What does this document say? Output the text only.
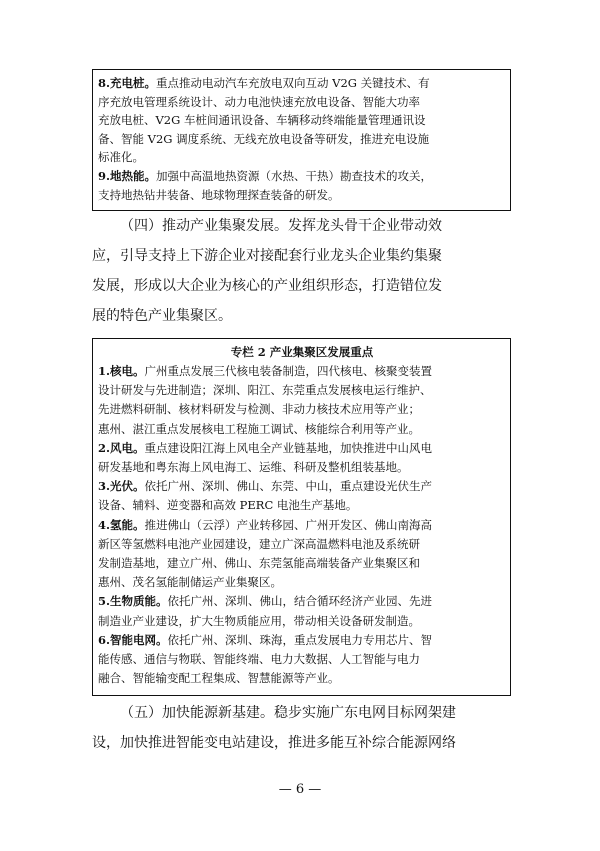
8.充电桩。重点推动电动汽车充放电双向互动 V2G 关键技术、有
序充放电管理系统设计、动力电池快速充放电设备、智能大功率
充放电桩、V2G 车桩间通讯设备、车辆移动终端能量管理通讯设
备、智能 V2G 调度系统、无线充放电设备等研发，推进充电设施
标准化。
9.地热能。加强中高温地热资源（水热、干热）勘查技术的攻关，
支持地热钻井装备、地球物理探查装备的研发。
（四）推动产业集聚发展。发挥龙头骨干企业带动效
应，引导支持上下游企业对接配套行业龙头企业集约集聚
发展，形成以大企业为核心的产业组织形态，打造错位发
展的特色产业集聚区。
专栏 2 产业集聚区发展重点
1.核电。广州重点发展三代核电装备制造，四代核电、核聚变装置
设计研发与先进制造；深圳、阳江、东莞重点发展核电运行维护、
先进燃料研制、核材料研发与检测、非动力核技术应用等产业；
惠州、湛江重点发展核电工程施工调试、核能综合利用等产业。
2.风电。重点建设阳江海上风电全产业链基地，加快推进中山风电
研发基地和粤东海上风电海工、运维、科研及整机组装基地。
3.光伏。依托广州、深圳、佛山、东莞、中山，重点建设光伏生产
设备、辅料、逆变器和高效 PERC 电池生产基地。
4.氢能。推进佛山（云浮）产业转移园、广州开发区、佛山南海高
新区等氢燃料电池产业园建设，建立广深高温燃料电池及系统研
发制造基地，建立广州、佛山、东莞氢能高端装备产业集聚区和
惠州、茂名氢能制储运产业集聚区。
5.生物质能。依托广州、深圳、佛山，结合循环经济产业园、先进
制造业产业建设，扩大生物质能应用，带动相关设备研发制造。
6.智能电网。依托广州、深圳、珠海，重点发展电力专用芯片、智
能传感、通信与物联、智能终端、电力大数据、人工智能与电力
融合、智能输变配工程集成、智慧能源等产业。
（五）加快能源新基建。稳步实施广东电网目标网架建
设，加快推进智能变电站建设，推进多能互补综合能源网络
— 6 —
